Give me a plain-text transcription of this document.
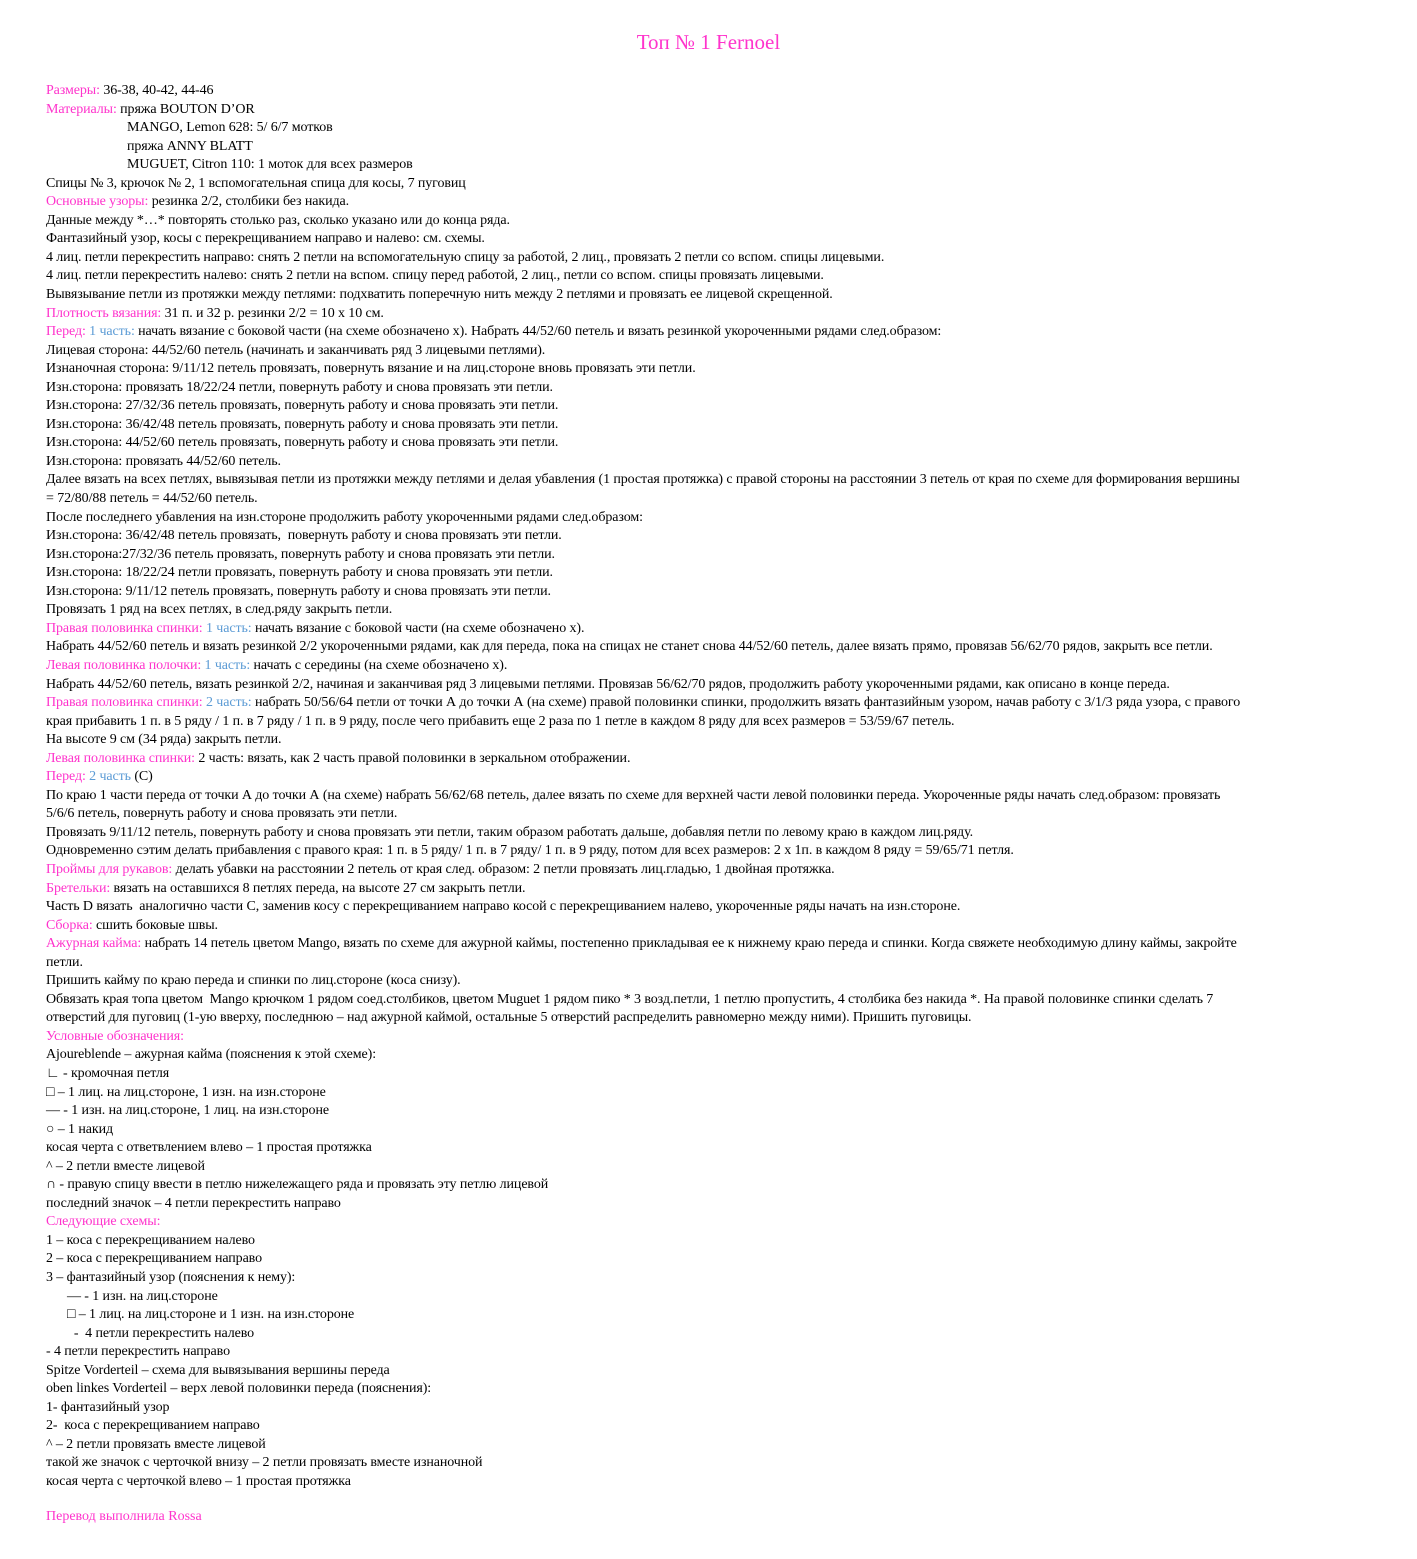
Топ № 1 Fernoel
Размеры: 36-38, 40-42, 44-46
Материалы: пряжа BOUTON D’OR
MANGO, Lemon 628: 5/ 6/7 мотков
пряжа ANNY BLATT
MUGUET, Citron 110: 1 моток для всех размеров
Спицы № 3, крючок № 2, 1 вспомогательная спица для косы, 7 пуговиц
Основные узоры: резинка 2/2, столбики без накида.
Данные между *…* повторять столько раз, сколько указано или до конца ряда.
Фантазийный узор, косы с перекрещиванием направо и налево: см. схемы.
4 лиц. петли перекрестить направо: снять 2 петли на вспомогательную спицу за работой, 2 лиц., провязать 2 петли со вспом. спицы лицевыми.
4 лиц. петли перекрестить налево: снять 2 петли на вспом. спицу перед работой, 2 лиц., петли со вспом. спицы провязать лицевыми.
Вывязывание петли из протяжки между петлями: подхватить поперечную нить между 2 петлями и провязать ее лицевой скрещенной.
Плотность вязания: 31 п. и 32 р. резинки 2/2 = 10 х 10 см.
Перед: 1 часть: начать вязание с боковой части (на схеме обозначено х). Набрать 44/52/60 петель и вязать резинкой укороченными рядами след.образом:
Лицевая сторона: 44/52/60 петель (начинать и заканчивать ряд 3 лицевыми петлями).
Изнаночная сторона: 9/11/12 петель провязать, повернуть вязание и на лиц.стороне вновь провязать эти петли.
Изн.сторона: провязать 18/22/24 петли, повернуть работу и снова провязать эти петли.
Изн.сторона: 27/32/36 петель провязать, повернуть работу и снова провязать эти петли.
Изн.сторона: 36/42/48 петель провязать, повернуть работу и снова провязать эти петли.
Изн.сторона: 44/52/60 петель провязать, повернуть работу и снова провязать эти петли.
Изн.сторона: провязать 44/52/60 петель.
Далее вязать на всех петлях, вывязывая петли из протяжки между петлями и делая убавления (1 простая протяжка) с правой стороны на расстоянии 3 петель от края по схеме для формирования вершины
= 72/80/88 петель = 44/52/60 петель.
После последнего убавления на изн.стороне продолжить работу укороченными рядами след.образом:
Изн.сторона: 36/42/48 петель провязать,  повернуть работу и снова провязать эти петли.
Изн.сторона:27/32/36 петель провязать, повернуть работу и снова провязать эти петли.
Изн.сторона: 18/22/24 петли провязать, повернуть работу и снова провязать эти петли.
Изн.сторона: 9/11/12 петель провязать, повернуть работу и снова провязать эти петли.
Провязать 1 ряд на всех петлях, в след.ряду закрыть петли.
Правая половинка спинки: 1 часть: начать вязание с боковой части (на схеме обозначено х).
Набрать 44/52/60 петель и вязать резинкой 2/2 укороченными рядами, как для переда, пока на спицах не станет снова 44/52/60 петель, далее вязать прямо, провязав 56/62/70 рядов, закрыть все петли.
Левая половинка полочки: 1 часть: начать с середины (на схеме обозначено х).
Набрать 44/52/60 петель, вязать резинкой 2/2, начиная и заканчивая ряд 3 лицевыми петлями. Провязав 56/62/70 рядов, продолжить работу укороченными рядами, как описано в конце переда.
Правая половинка спинки: 2 часть: набрать 50/56/64 петли от точки А до точки А (на схеме) правой половинки спинки, продолжить вязать фантазийным узором, начав работу с 3/1/3 ряда узора, с правого
края прибавить 1 п. в 5 ряду / 1 п. в 7 ряду / 1 п. в 9 ряду, после чего прибавить еще 2 раза по 1 петле в каждом 8 ряду для всех размеров = 53/59/67 петель.
На высоте 9 см (34 ряда) закрыть петли.
Левая половинка спинки: 2 часть: вязать, как 2 часть правой половинки в зеркальном отображении.
Перед: 2 часть (С)
По краю 1 части переда от точки А до точки А (на схеме) набрать 56/62/68 петель, далее вязать по схеме для верхней части левой половинки переда. Укороченные ряды начать след.образом: провязать
5/6/6 петель, повернуть работу и снова провязать эти петли.
Провязать 9/11/12 петель, повернуть работу и снова провязать эти петли, таким образом работать дальше, добавляя петли по левому краю в каждом лиц.ряду.
Одновременно сэтим делать прибавления с правого края: 1 п. в 5 ряду/ 1 п. в 7 ряду/ 1 п. в 9 ряду, потом для всех размеров: 2 х 1п. в каждом 8 ряду = 59/65/71 петля.
Проймы для рукавов: делать убавки на расстоянии 2 петель от края след. образом: 2 петли провязать лиц.гладью, 1 двойная протяжка.
Бретельки: вязать на оставшихся 8 петлях переда, на высоте 27 см закрыть петли.
Часть D вязать  аналогично части С, заменив косу с перекрещиванием направо косой с перекрещиванием налево, укороченные ряды начать на изн.стороне.
Сборка: сшить боковые швы.
Ажурная кайма: набрать 14 петель цветом Mango, вязать по схеме для ажурной каймы, постепенно прикладывая ее к нижнему краю переда и спинки. Когда свяжете необходимую длину каймы, закройте
петли.
Пришить кайму по краю переда и спинки по лиц.стороне (коса снизу).
Обвязать края топа цветом  Mango крючком 1 рядом соед.столбиков, цветом Muguet 1 рядом пико * 3 возд.петли, 1 петлю пропустить, 4 столбика без накида *. На правой половинке спинки сделать 7
отверстий для пуговиц (1-ую вверху, последнюю – над ажурной каймой, остальные 5 отверстий распределить равномерно между ними). Пришить пуговицы.
Условные обозначения:
Ajoureblende – ажурная кайма (пояснения к этой схеме):
∟ - кромочная петля
□ – 1 лиц. на лиц.стороне, 1 изн. на изн.стороне
— - 1 изн. на лиц.стороне, 1 лиц. на изн.стороне
○ – 1 накид
косая черта с ответвлением влево – 1 простая протяжка
^ – 2 петли вместе лицевой
∩ - правую спицу ввести в петлю нижележащего ряда и провязать эту петлю лицевой
последний значок – 4 петли перекрестить направо
Следующие схемы:
1 – коса с перекрещиванием налево
2 – коса с перекрещиванием направо
3 – фантазийный узор (пояснения к нему):
— - 1 изн. на лиц.стороне
□ – 1 лиц. на лиц.стороне и 1 изн. на изн.стороне
-  4 петли перекрестить налево
- 4 петли перекрестить направо
Spitze Vorderteil – схема для вывязывания вершины переда
oben linkes Vorderteil – верх левой половинки переда (пояснения):
1- фантазийный узор
2-  коса с перекрещиванием направо
^ – 2 петли провязать вместе лицевой
такой же значок с черточкой внизу – 2 петли провязать вместе изнаночной
косая черта с черточкой влево – 1 простая протяжка
Перевод выполнила Rossa
